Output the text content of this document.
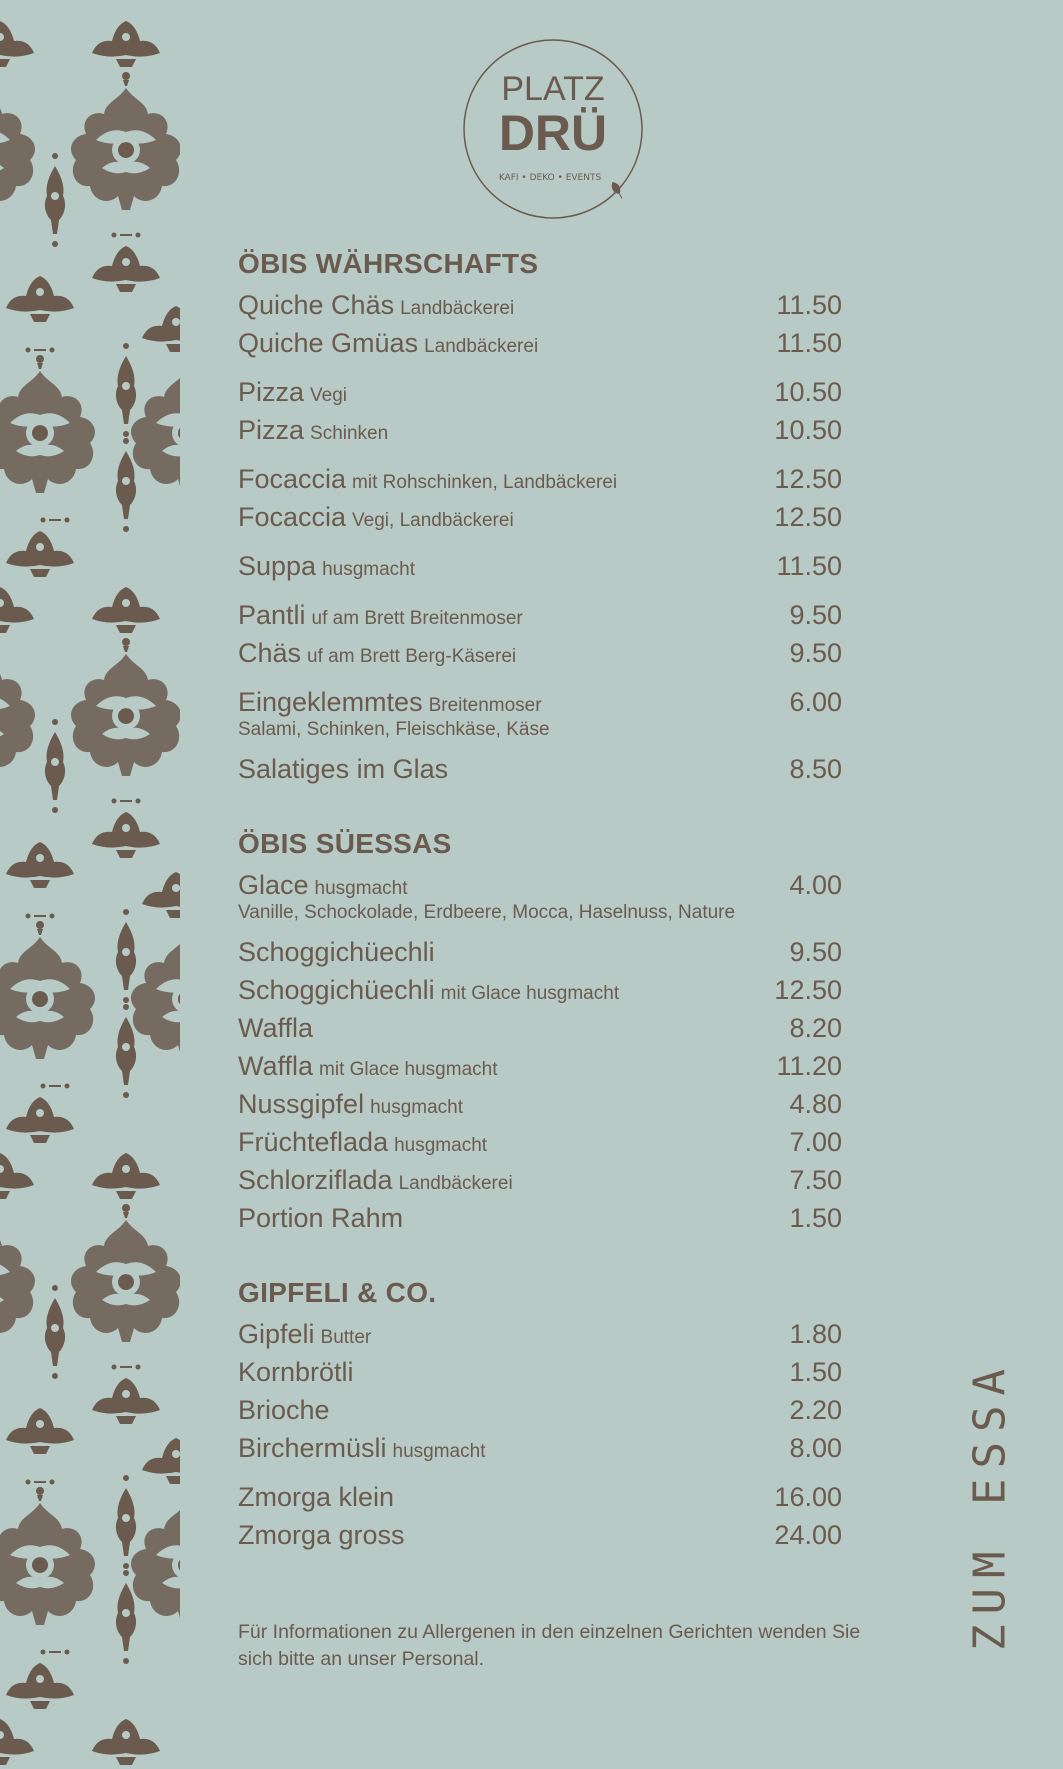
PLATZ
DRÜ
KAFI • DEKO • EVENTS
ÖBIS WÄHRSCHAFTS
Quiche Chäs Landbäckerei	11.50
Quiche Gmüas Landbäckerei	11.50
Pizza Vegi	10.50
Pizza Schinken	10.50
Focaccia mit Rohschinken, Landbäckerei	12.50
Focaccia Vegi, Landbäckerei	12.50
Suppa husgmacht	11.50
Pantli uf am Brett Breitenmoser	9.50
Chäs uf am Brett Berg-Käserei	9.50
Eingeklemmtes Breitenmoser	6.00
Salami, Schinken, Fleischkäse, Käse
Salatiges im Glas	8.50
ÖBIS SÜESSAS
Glace husgmacht	4.00
Vanille, Schockolade, Erdbeere, Mocca, Haselnuss, Nature
Schoggichüechli	9.50
Schoggichüechli mit Glace husgmacht	12.50
Waffla	8.20
Waffla mit Glace husgmacht	11.20
Nussgipfel husgmacht	4.80
Früchteflada husgmacht	7.00
Schlorziflada Landbäckerei	7.50
Portion Rahm	1.50
GIPFELI & CO.
Gipfeli Butter	1.80
Kornbrötli	1.50
Brioche	2.20
Birchermüsli husgmacht	8.00
Zmorga klein	16.00
Zmorga gross	24.00
Für Informationen zu Allergenen in den einzelnen Gerichten wenden Sie sich bitte an unser Personal.
ZUM ESSA
